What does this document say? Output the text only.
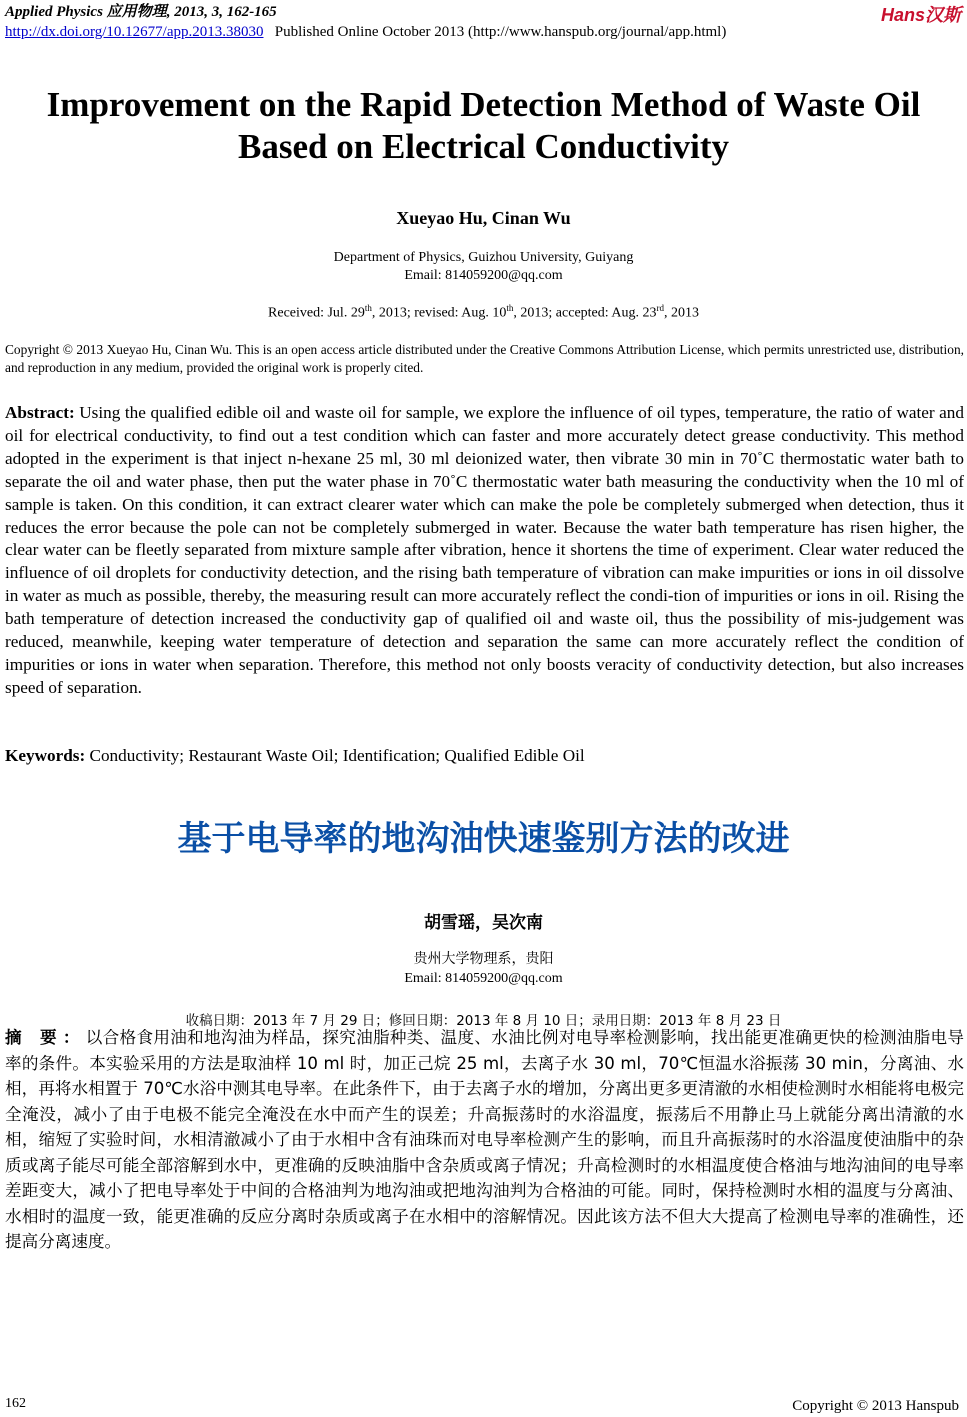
Applied Physics 应用物理, 2013, 3, 162-165
http://dx.doi.org/10.12677/app.2013.38030 Published Online October 2013 (http://www.hanspub.org/journal/app.html)
Hans汉斯
Improvement on the Rapid Detection Method of Waste Oil
Based on Electrical Conductivity
Xueyao Hu, Cinan Wu
Department of Physics, Guizhou University, Guiyang
Email: 814059200@qq.com
Received: Jul. 29th, 2013; revised: Aug. 10th, 2013; accepted: Aug. 23rd, 2013
Copyright © 2013 Xueyao Hu, Cinan Wu. This is an open access article distributed under the Creative Commons Attribution License, which permits unrestricted use, distribution, and reproduction in any medium, provided the original work is properly cited.
Abstract: Using the qualified edible oil and waste oil for sample, we explore the influence of oil types, temperature, the ratio of water and oil for electrical conductivity, to find out a test condition which can faster and more accurately detect grease conductivity. This method adopted in the experiment is that inject n-hexane 25 ml, 30 ml deionized water, then vibrate 30 min in 70˚C thermostatic water bath to separate the oil and water phase, then put the water phase in 70˚C thermostatic water bath measuring the conductivity when the 10 ml of sample is taken. On this condition, it can extract clearer water which can make the pole be completely submerged when detection, thus it reduces the error because the pole can not be completely submerged in water. Because the water bath temperature has risen higher, the clear water can be fleetly separated from mixture sample after vibration, hence it shortens the time of experiment. Clear water reduced the influence of oil droplets for conductivity detection, and the rising bath temperature of vibration can make impurities or ions in oil dissolve in water as much as possible, thereby, the measuring result can more accurately reflect the condi-tion of impurities or ions in oil. Rising the bath temperature of detection increased the conductivity gap of qualified oil and waste oil, thus the possibility of mis-judgement was reduced, meanwhile, keeping water temperature of detection and separation the same can more accurately reflect the condition of impurities or ions in water when separation. Therefore, this method not only boosts veracity of conductivity detection, but also increases speed of separation.
Keywords: Conductivity; Restaurant Waste Oil; Identification; Qualified Edible Oil
基于电导率的地沟油快速鉴别方法的改进
胡雪瑶，吴次南
贵州大学物理系，贵阳
Email: 814059200@qq.com
收稿日期：2013 年 7 月 29 日；修回日期：2013 年 8 月 10 日；录用日期：2013 年 8 月 23 日
摘 要：以合格食用油和地沟油为样品，探究油脂种类、温度、水油比例对电导率检测影响，找出能更准确更快的检测油脂电导率的条件。本实验采用的方法是取油样 10 ml 时，加正己烷 25 ml，去离子水 30 ml，70℃恒温水浴振荡 30 min，分离油、水相，再将水相置于 70℃水浴中测其电导率。在此条件下，由于去离子水的增加，分离出更多更清澈的水相使检测时水相能将电极完全淹没，减小了由于电极不能完全淹没在水中而产生的误差；升高振荡时的水浴温度，振荡后不用静止马上就能分离出清澈的水相，缩短了实验时间，水相清澈减小了由于水相中含有油珠而对电导率检测产生的影响，而且升高振荡时的水浴温度使油脂中的杂质或离子能尽可能全部溶解到水中，更准确的反映油脂中含杂质或离子情况；升高检测时的水相温度使合格油与地沟油间的电导率差距变大，减小了把电导率处于中间的合格油判为地沟油或把地沟油判为合格油的可能。同时，保持检测时水相的温度与分离油、水相时的温度一致，能更准确的反应分离时杂质或离子在水相中的溶解情况。因此该方法不但大大提高了检测电导率的准确性，还提高分离速度。
162	Copyright © 2013 Hanspub
